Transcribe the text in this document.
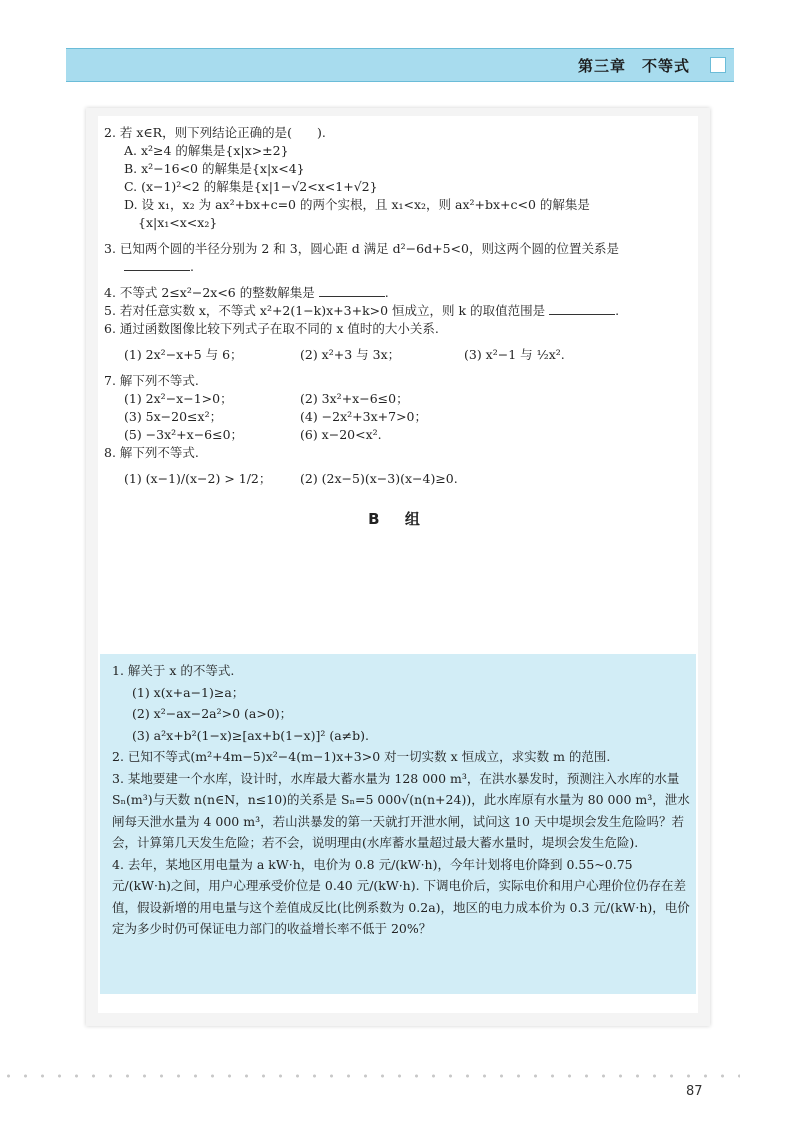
第三章　不等式

2. 若 x∈R，则下列结论正确的是(　　).

A. x²≥4 的解集是{x|x>±2}

B. x²−16<0 的解集是{x|x<4}

C. (x−1)²<2 的解集是{x|1−√2<x<1+√2}

D. 设 x₁，x₂ 为 ax²+bx+c=0 的两个实根，且 x₁<x₂，则 ax²+bx+c<0 的解集是

{x|x₁<x<x₂}

3. 已知两个圆的半径分别为 2 和 3，圆心距 d 满足 d²−6d+5<0，则这两个圆的位置关系是

.

4. 不等式 2≤x²−2x<6 的整数解集是	.

5. 若对任意实数 x，不等式 x²+2(1−k)x+3+k>0 恒成立，则 k 的取值范围是	.

6. 通过函数图像比较下列式子在取不同的 x 值时的大小关系.

(1) 2x²−x+5 与 6；	(2) x²+3 与 3x；	(3) x²−1 与 ½x².

7. 解下列不等式.

(1) 2x²−x−1>0；	(2) 3x²+x−6≤0；
(3) 5x−20≤x²；	(4) −2x²+3x+7>0；
(5) −3x²+x−6≤0；	(6) x−20<x².

8. 解下列不等式.

(1) (x−1)/(x−2) > 1/2；	(2) (2x−5)(x−3)(x−4)≥0.
B 组

1. 解关于 x 的不等式.

(1) x(x+a−1)≥a；

(2) x²−ax−2a²>0 (a>0)；

(3) a²x+b²(1−x)≥[ax+b(1−x)]² (a≠b).

2. 已知不等式(m²+4m−5)x²−4(m−1)x+3>0 对一切实数 x 恒成立，求实数 m 的范围.

3. 某地要建一个水库，设计时，水库最大蓄水量为 128 000 m³，在洪水暴发时，预测注入水库的水量 Sₙ(m³)与天数 n(n∈N，n≤10)的关系是 Sₙ=5 000√(n(n+24))，此水库原有水量为 80 000 m³，泄水闸每天泄水量为 4 000 m³，若山洪暴发的第一天就打开泄水闸，试问这 10 天中堤坝会发生危险吗？若会，计算第几天发生危险；若不会，说明理由(水库蓄水量超过最大蓄水量时，堤坝会发生危险).

4. 去年，某地区用电量为 a kW·h，电价为 0.8 元/(kW·h)，今年计划将电价降到 0.55~0.75 元/(kW·h)之间，用户心理承受价位是 0.40 元/(kW·h). 下调电价后，实际电价和用户心理价位仍存在差值，假设新增的用电量与这个差值成反比(比例系数为 0.2a)，地区的电力成本价为 0.3 元/(kW·h)，电价定为多少时仍可保证电力部门的收益增长率不低于 20%？

87
